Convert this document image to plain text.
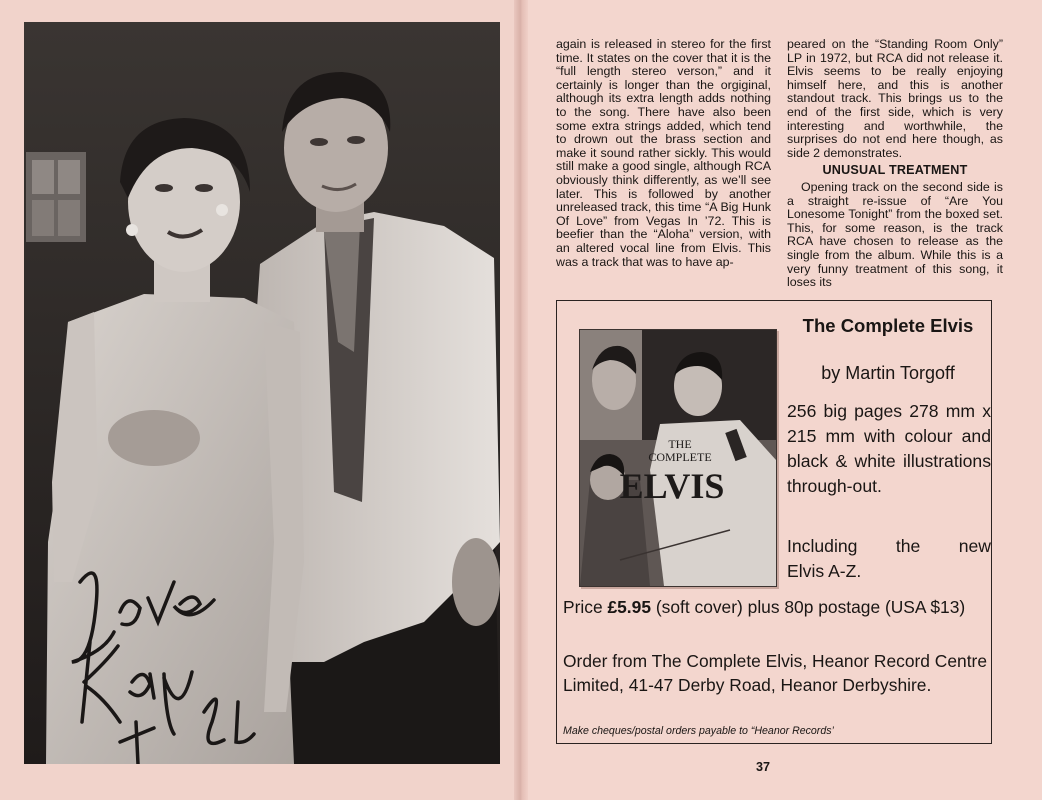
again is released in stereo for the first time. It states on the cover that it is the “full length stereo verson,” and it certainly is longer than the orgiginal, although its extra length adds nothing to the song. There have also been some extra strings added, which tend to drown out the brass section and make it sound rather sickly. This would still make a good single, although RCA obviously think differently, as we’ll see later. This is followed by another unreleased track, this time “A Big Hunk Of Love” from Vegas In ’72. This is beefier than the “Aloha” version, with an altered vocal line from Elvis. This was a track that was to have ap-

peared on the “Standing Room Only” LP in 1972, but RCA did not release it. Elvis seems to be really enjoying himself here, and this is another standout track. This brings us to the end of the first side, which is very interesting and worthwhile, the surprises do not end here though, as side 2 demonstrates.

UNUSUAL TREATMENT

Opening track on the second side is a straight re-issue of “Are You Lonesome Tonight” from the boxed set. This, for some reason, is the track RCA have chosen to release as the single from the album. While this is a very funny treatment of this song, it loses its

THE
COMPLETE
ELVIS
The Complete Elvis
by Martin Torgoff
256 big pages 278 mm x 215 mm with colour and black & white illustrations through-out.
Including the new
Elvis A-Z.
Price £5.95 (soft cover) plus 80p postage (USA $13)
Order from The Complete Elvis, Heanor Record Centre Limited, 41-47 Derby Road, Heanor Derbyshire.
Make cheques/postal orders payable to “Heanor Records’
37
